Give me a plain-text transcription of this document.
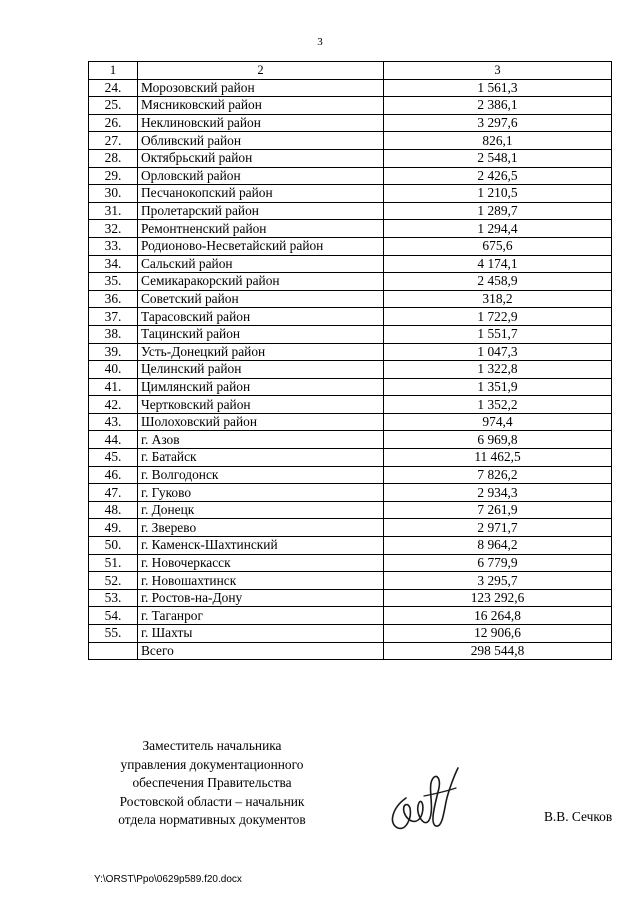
3
1	2	3
24.	Морозовский район	1 561,3
25.	Мясниковский район	2 386,1
26.	Неклиновский район	3 297,6
27.	Обливский район	826,1
28.	Октябрьский район	2 548,1
29.	Орловский район	2 426,5
30.	Песчанокопский район	1 210,5
31.	Пролетарский район	1 289,7
32.	Ремонтненский район	1 294,4
33.	Родионово-Несветайский район	675,6
34.	Сальский район	4 174,1
35.	Семикаракорский район	2 458,9
36.	Советский район	318,2
37.	Тарасовский район	1 722,9
38.	Тацинский район	1 551,7
39.	Усть-Донецкий район	1 047,3
40.	Целинский район	1 322,8
41.	Цимлянский район	1 351,9
42.	Чертковский район	1 352,2
43.	Шолоховский район	974,4
44.	г. Азов	6 969,8
45.	г. Батайск	11 462,5
46.	г. Волгодонск	7 826,2
47.	г. Гуково	2 934,3
48.	г. Донецк	7 261,9
49.	г. Зверево	2 971,7
50.	г. Каменск-Шахтинский	8 964,2
51.	г. Новочеркасск	6 779,9
52.	г. Новошахтинск	3 295,7
53.	г. Ростов-на-Дону	123 292,6
54.	г. Таганрог	16 264,8
55.	г. Шахты	12 906,6
	Всего	298 544,8
Заместитель начальника
управления документационного
обеспечения Правительства
Ростовской области – начальник
отдела нормативных документов	В.В. Сечков
Y:\ORST\Ppo\0629p589.f20.docx
